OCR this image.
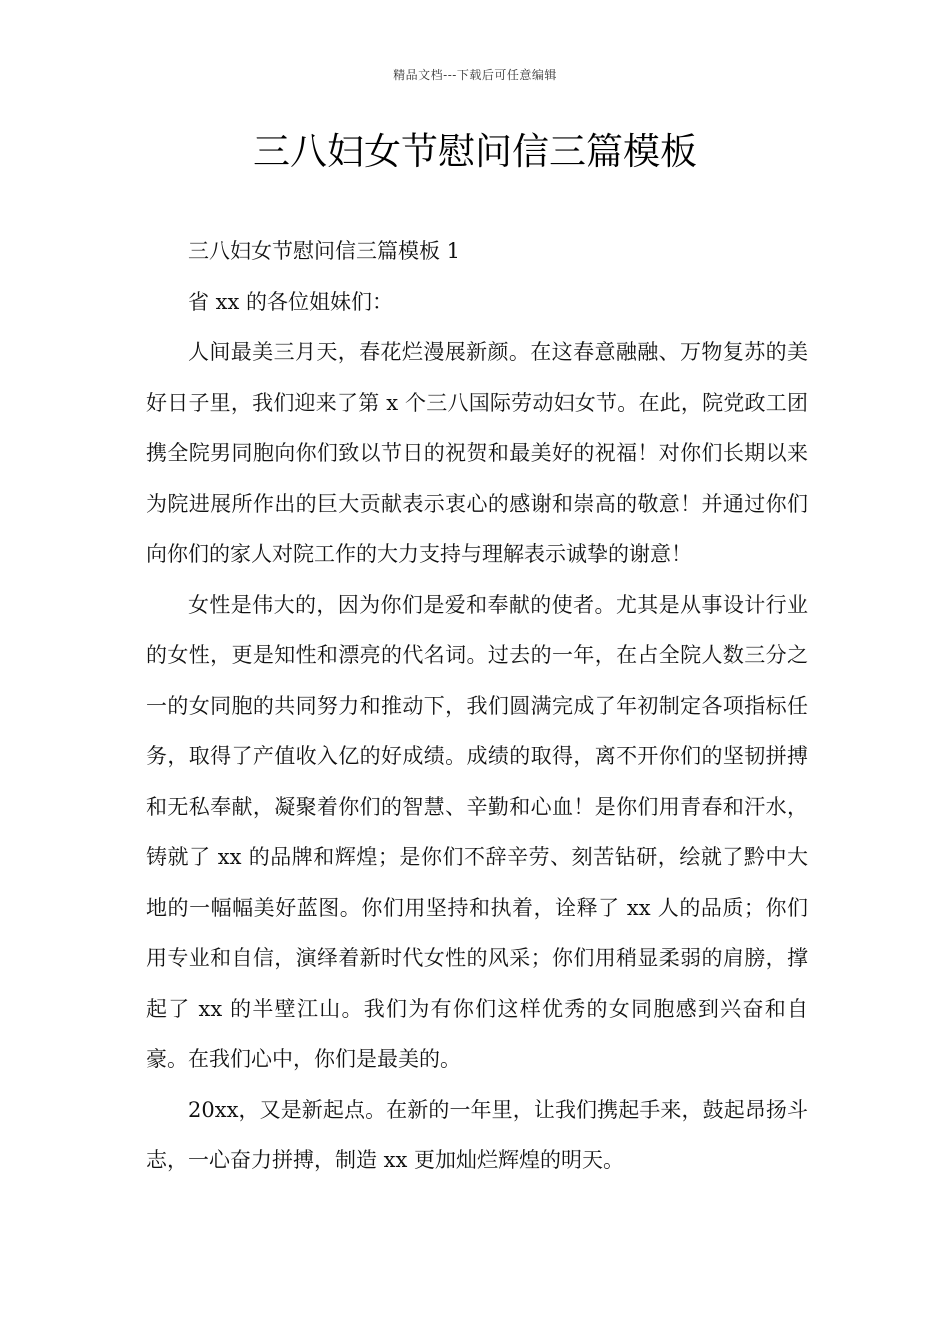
精品文档---下载后可任意编辑
三八妇女节慰问信三篇模板

三八妇女节慰问信三篇模板 1

省 xx 的各位姐妹们：

人间最美三月天，春花烂漫展新颜。在这春意融融、万物复苏的美好日子里，我们迎来了第 x 个三八国际劳动妇女节。在此，院党政工团携全院男同胞向你们致以节日的祝贺和最美好的祝福！对你们长期以来为院进展所作出的巨大贡献表示衷心的感谢和崇高的敬意！并通过你们向你们的家人对院工作的大力支持与理解表示诚挚的谢意！

女性是伟大的，因为你们是爱和奉献的使者。尤其是从事设计行业的女性，更是知性和漂亮的代名词。过去的一年，在占全院人数三分之一的女同胞的共同努力和推动下，我们圆满完成了年初制定各项指标任务，取得了产值收入亿的好成绩。成绩的取得，离不开你们的坚韧拼搏和无私奉献，凝聚着你们的智慧、辛勤和心血！是你们用青春和汗水，铸就了 xx 的品牌和辉煌；是你们不辞辛劳、刻苦钻研，绘就了黔中大地的一幅幅美好蓝图。你们用坚持和执着，诠释了 xx 人的品质；你们用专业和自信，演绎着新时代女性的风采；你们用稍显柔弱的肩膀，撑起了 xx 的半壁江山。我们为有你们这样优秀的女同胞感到兴奋和自豪。在我们心中，你们是最美的。

20xx，又是新起点。在新的一年里，让我们携起手来，鼓起昂扬斗志，一心奋力拼搏，制造 xx 更加灿烂辉煌的明天。
